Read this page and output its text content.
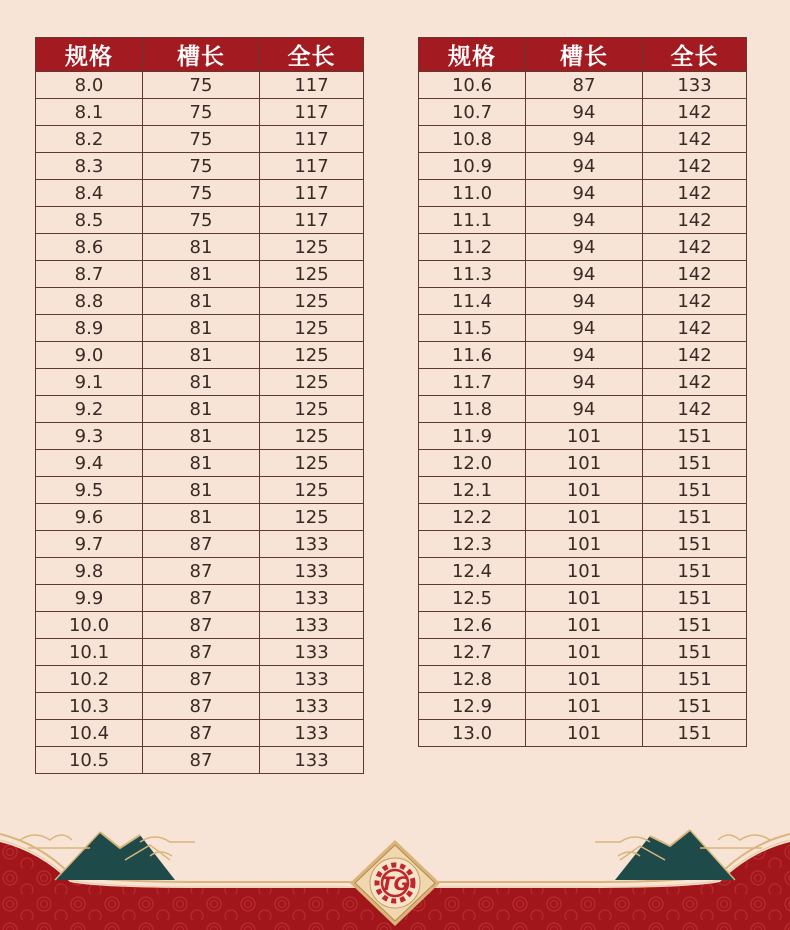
规格	槽长	全长
8.0	75	117
8.1	75	117
8.2	75	117
8.3	75	117
8.4	75	117
8.5	75	117
8.6	81	125
8.7	81	125
8.8	81	125
8.9	81	125
9.0	81	125
9.1	81	125
9.2	81	125
9.3	81	125
9.4	81	125
9.5	81	125
9.6	81	125
9.7	87	133
9.8	87	133
9.9	87	133
10.0	87	133
10.1	87	133
10.2	87	133
10.3	87	133
10.4	87	133
10.5	87	133
规格	槽长	全长
10.6	87	133
10.7	94	142
10.8	94	142
10.9	94	142
11.0	94	142
11.1	94	142
11.2	94	142
11.3	94	142
11.4	94	142
11.5	94	142
11.6	94	142
11.7	94	142
11.8	94	142
11.9	101	151
12.0	101	151
12.1	101	151
12.2	101	151
12.3	101	151
12.4	101	151
12.5	101	151
12.6	101	151
12.7	101	151
12.8	101	151
12.9	101	151
13.0	101	151
TG
